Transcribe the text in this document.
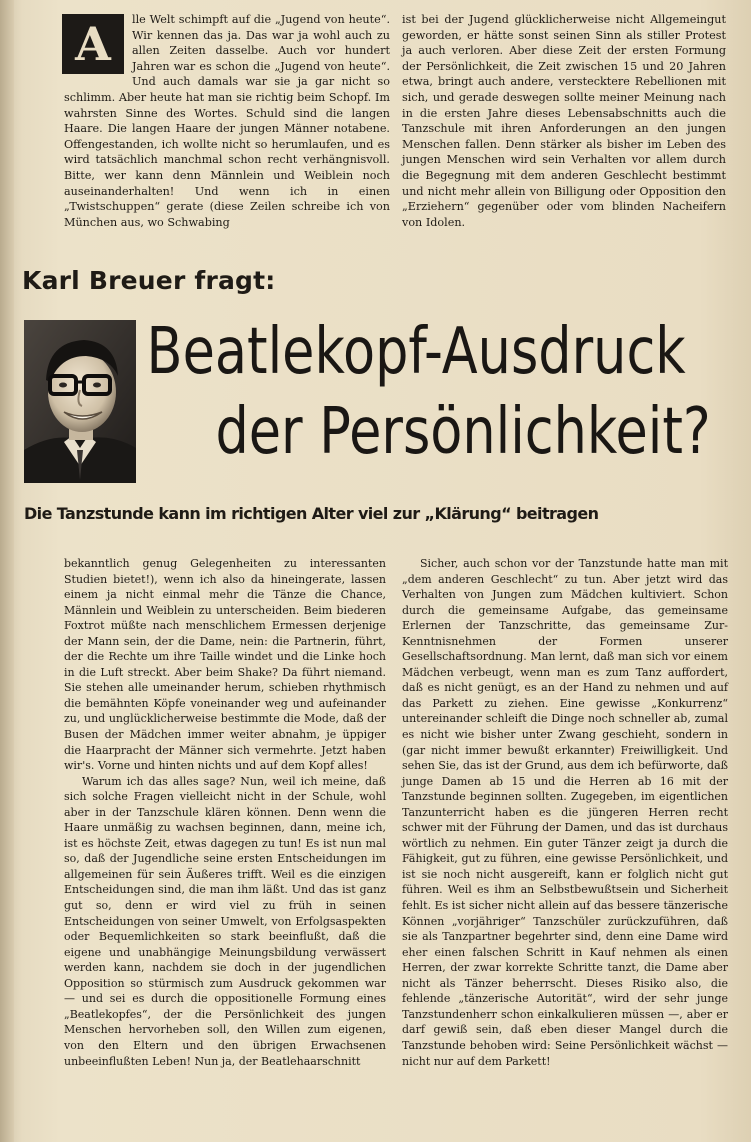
A	lle Welt schimpft auf die „Jugend von heute“. Wir kennen das ja. Das war ja wohl auch zu allen Zeiten dasselbe. Auch vor hundert Jahren war es schon die „Jugend von heute“. Und auch damals war sie ja gar nicht so schlimm. Aber heute hat man sie richtig beim Schopf. Im wahrsten Sinne des Wortes. Schuld sind die langen Haare. Die langen Haare der jungen Männer notabene. Offengestanden, ich wollte nicht so herumlaufen, und es wird tatsächlich manchmal schon recht verhängnisvoll. Bitte, wer kann denn Männlein und Weiblein noch auseinanderhalten! Und wenn ich in einen „Twistschuppen“ gerate (diese Zeilen schreibe ich von München aus, wo Schwabing
ist bei der Jugend glücklicherweise nicht Allgemeingut geworden, er hätte sonst seinen Sinn als stiller Protest ja auch verloren. Aber diese Zeit der ersten Formung der Persönlichkeit, die Zeit zwischen 15 und 20 Jahren etwa, bringt auch andere, verstecktere Rebellionen mit sich, und gerade deswegen sollte meiner Meinung nach in die ersten Jahre dieses Lebensabschnitts auch die Tanzschule mit ihren Anforderungen an den jungen Menschen fallen. Denn stärker als bisher im Leben des jungen Menschen wird sein Verhalten vor allem durch die Begegnung mit dem anderen Geschlecht bestimmt und nicht mehr allein von Billigung oder Opposition den „Erziehern“ gegenüber oder vom blinden Nacheifern von Idolen.
Karl Breuer fragt:
Beatlekopf-Ausdruck
der Persönlichkeit?
Die Tanzstunde kann im richtigen Alter viel zur „Klärung“ beitragen
bekanntlich genug Gelegenheiten zu interessanten Studien bietet!), wenn ich also da hineingerate, lassen einem ja nicht einmal mehr die Tänze die Chance, Männlein und Weiblein zu unterscheiden. Beim biederen Foxtrot müßte nach menschlichem Ermessen derjenige der Mann sein, der die Dame, nein: die Partnerin, führt, der die Rechte um ihre Taille windet und die Linke hoch in die Luft streckt. Aber beim Shake? Da führt niemand. Sie stehen alle umeinander herum, schieben rhythmisch die bemähnten Köpfe voneinander weg und aufeinander zu, und unglücklicherweise bestimmte die Mode, daß der Busen der Mädchen immer weiter abnahm, je üppiger die Haarpracht der Männer sich vermehrte. Jetzt haben wir's. Vorne und hinten nichts und auf dem Kopf alles!
Warum ich das alles sage? Nun, weil ich meine, daß sich solche Fragen vielleicht nicht in der Schule, wohl aber in der Tanzschule klären können. Denn wenn die Haare unmäßig zu wachsen beginnen, dann, meine ich, ist es höchste Zeit, etwas dagegen zu tun! Es ist nun mal so, daß der Jugendliche seine ersten Entscheidungen im allgemeinen für sein Äußeres trifft. Weil es die einzigen Entscheidungen sind, die man ihm läßt. Und das ist ganz gut so, denn er wird viel zu früh in seinen Entscheidungen von seiner Umwelt, von Erfolgsaspekten oder Bequemlichkeiten so stark beeinflußt, daß die eigene und unabhängige Meinungsbildung verwässert werden kann, nachdem sie doch in der jugendlichen Opposition so stürmisch zum Ausdruck gekommen war — und sei es durch die oppositionelle Formung eines „Beatlekopfes“, der die Persönlichkeit des jungen Menschen hervorheben soll, den Willen zum eigenen, von den Eltern und den übrigen Erwachsenen unbeeinflußten Leben! Nun ja, der Beatlehaarschnitt
Sicher, auch schon vor der Tanzstunde hatte man mit „dem anderen Geschlecht“ zu tun. Aber jetzt wird das Verhalten von Jungen zum Mädchen kultiviert. Schon durch die gemeinsame Aufgabe, das gemeinsame Erlernen der Tanzschritte, das gemeinsame Zur-Kenntnisnehmen der Formen unserer Gesellschaftsordnung. Man lernt, daß man sich vor einem Mädchen verbeugt, wenn man es zum Tanz auffordert, daß es nicht genügt, es an der Hand zu nehmen und auf das Parkett zu ziehen. Eine gewisse „Konkurrenz“ untereinander schleift die Dinge noch schneller ab, zumal es nicht wie bisher unter Zwang geschieht, sondern in (gar nicht immer bewußt erkannter) Freiwilligkeit. Und sehen Sie, das ist der Grund, aus dem ich befürworte, daß junge Damen ab 15 und die Herren ab 16 mit der Tanzstunde beginnen sollten. Zugegeben, im eigentlichen Tanzunterricht haben es die jüngeren Herren recht schwer mit der Führung der Damen, und das ist durchaus wörtlich zu nehmen. Ein guter Tänzer zeigt ja durch die Fähigkeit, gut zu führen, eine gewisse Persönlichkeit, und ist sie noch nicht ausgereift, kann er folglich nicht gut führen. Weil es ihm an Selbstbewußtsein und Sicherheit fehlt. Es ist sicher nicht allein auf das bessere tänzerische Können „vorjähriger“ Tanzschüler zurückzuführen, daß sie als Tanzpartner begehrter sind, denn eine Dame wird eher einen falschen Schritt in Kauf nehmen als einen Herren, der zwar korrekte Schritte tanzt, die Dame aber nicht als Tänzer beherrscht. Dieses Risiko also, die fehlende „tänzerische Autorität“, wird der sehr junge Tanzstundenherr schon einkalkulieren müssen —, aber er darf gewiß sein, daß eben dieser Mangel durch die Tanzstunde behoben wird: Seine Persönlichkeit wächst — nicht nur auf dem Parkett!
